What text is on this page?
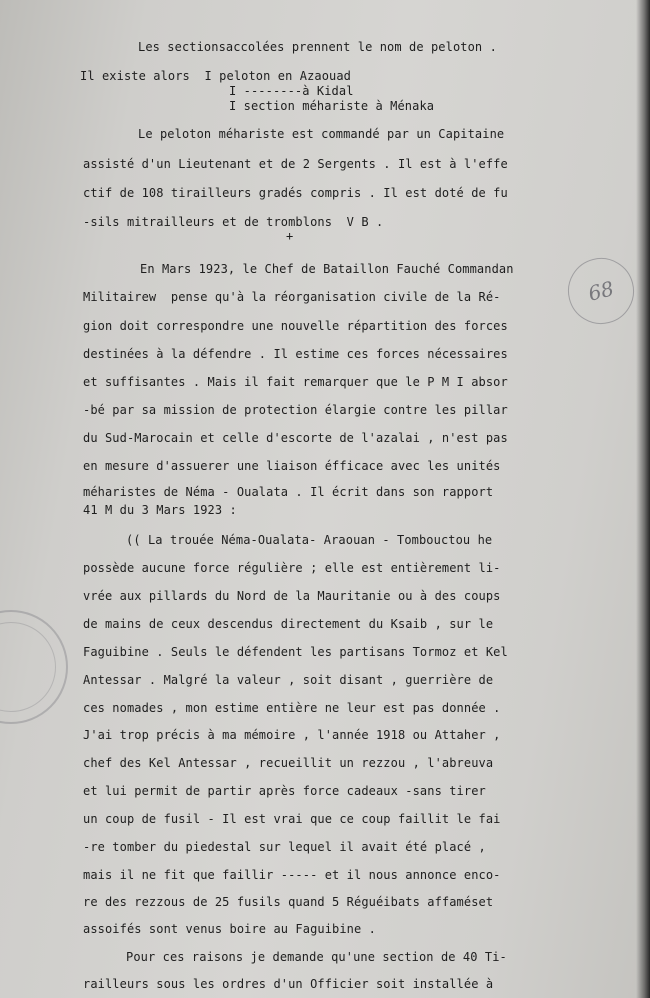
68

Les sectionsaccolées prennent le nom de peloton .

Il existe alors  I peloton en Azaouad

I --------à Kidal

I section méhariste à Ménaka

Le peloton méhariste est commandé par un Capitaine

assisté d'un Lieutenant et de 2 Sergents . Il est à l'effe

ctif de 108 tirailleurs gradés compris . Il est doté de fu

-sils mitrailleurs et de tromblons  V B .

+

En Mars 1923, le Chef de Bataillon Fauché Commandan

Militairew  pense qu'à la réorganisation civile de la Ré-

gion doit correspondre une nouvelle répartition des forces

destinées à la défendre . Il estime ces forces nécessaires

et suffisantes . Mais il fait remarquer que le P M I absor

-bé par sa mission de protection élargie contre les pillar

du Sud-Marocain et celle d'escorte de l'azalai , n'est pas

en mesure d'assuerer une liaison éfficace avec les unités

méharistes de Néma - Oualata . Il écrit dans son rapport

41 M du 3 Mars 1923 :

(( La trouée Néma-Oualata- Araouan - Tombouctou he

possède aucune force régulière ; elle est entièrement li-

vrée aux pillards du Nord de la Mauritanie ou à des coups

de mains de ceux descendus directement du Ksaib , sur le

Faguibine . Seuls le défendent les partisans Tormoz et Kel

Antessar . Malgré la valeur , soit disant , guerrière de

ces nomades , mon estime entière ne leur est pas donnée .

J'ai trop précis à ma mémoire , l'année 1918 ou Attaher ,

chef des Kel Antessar , recueillit un rezzou , l'abreuva

et lui permit de partir après force cadeaux -sans tirer

un coup de fusil - Il est vrai que ce coup faillit le fai

-re tomber du piedestal sur lequel il avait été placé ,

mais il ne fit que faillir ----- et il nous annonce enco-

re des rezzous de 25 fusils quand 5 Réguéibats affaméset

assoifés sont venus boire au Faguibine .

Pour ces raisons je demande qu'une section de 40 Ti-

railleurs sous les ordres d'un Officier soit installée à
